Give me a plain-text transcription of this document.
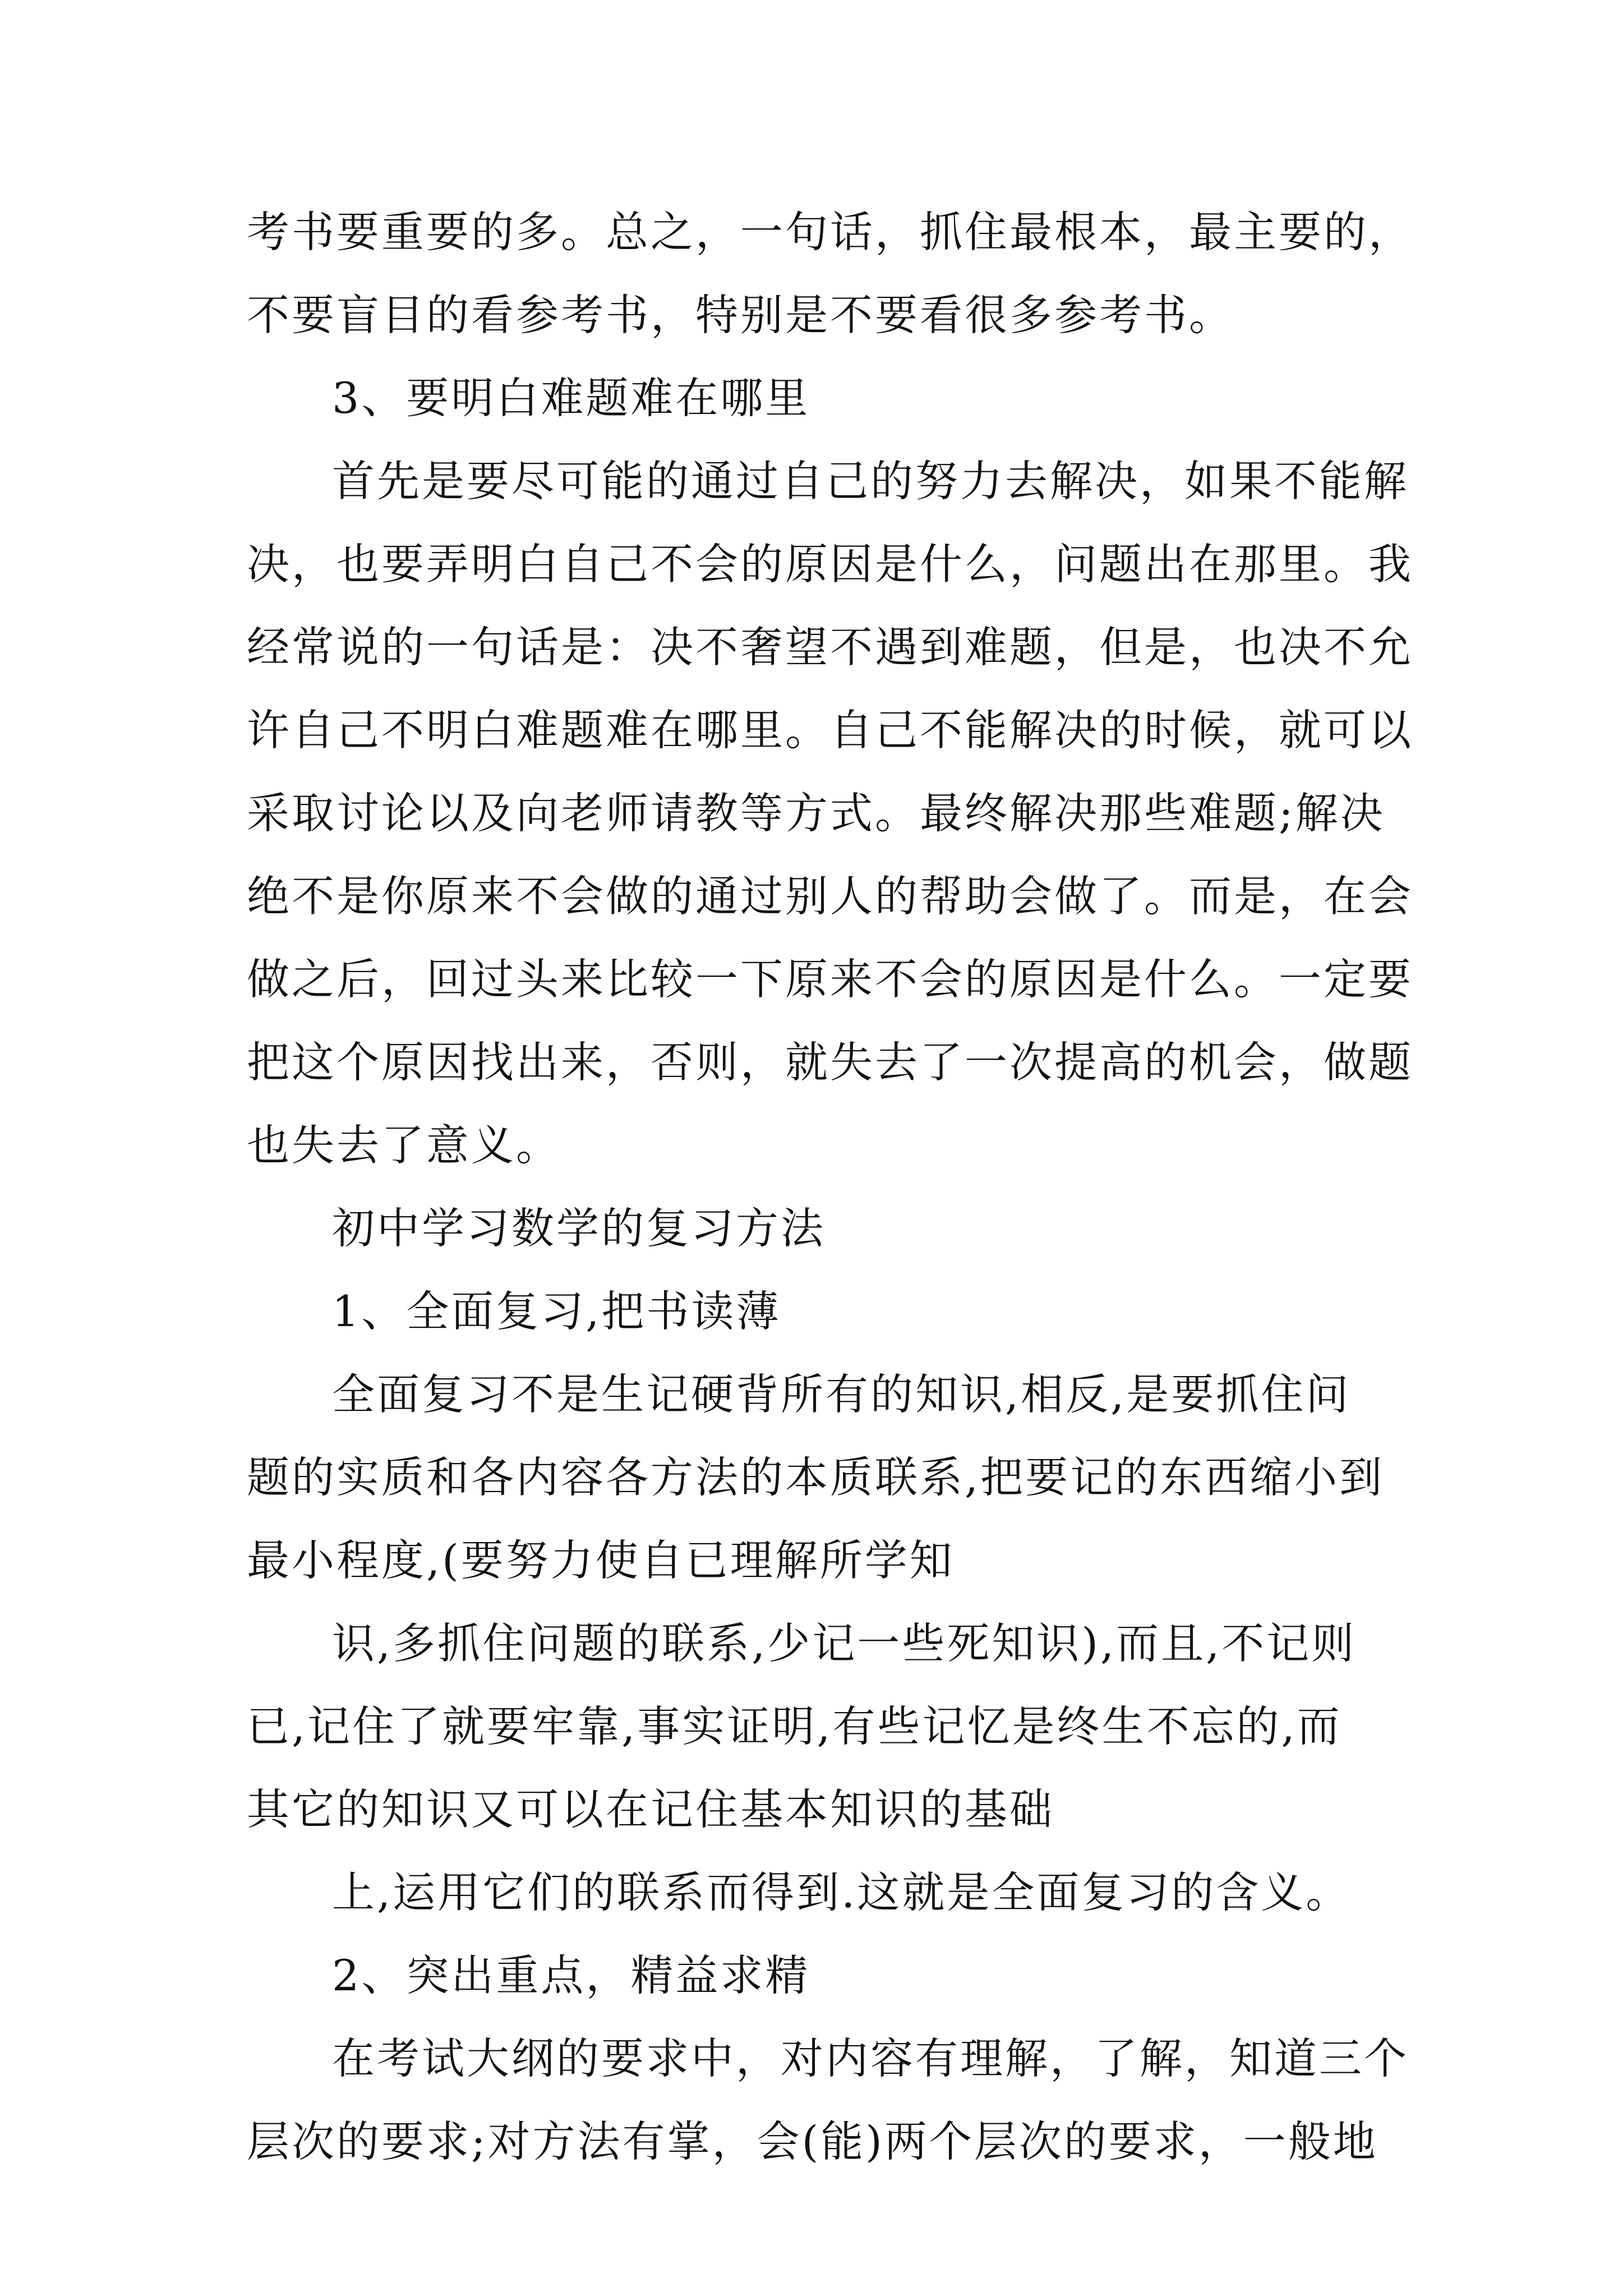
考书要重要的多。总之，一句话，抓住最根本，最主要的，
不要盲目的看参考书，特别是不要看很多参考书。
3、要明白难题难在哪里
首先是要尽可能的通过自己的努力去解决，如果不能解
决，也要弄明白自己不会的原因是什么，问题出在那里。我
经常说的一句话是：决不奢望不遇到难题，但是，也决不允
许自己不明白难题难在哪里。自己不能解决的时候，就可以
采取讨论以及向老师请教等方式。最终解决那些难题;解决
绝不是你原来不会做的通过别人的帮助会做了。而是，在会
做之后，回过头来比较一下原来不会的原因是什么。一定要
把这个原因找出来，否则，就失去了一次提高的机会，做题
也失去了意义。
初中学习数学的复习方法
1、全面复习,把书读薄
全面复习不是生记硬背所有的知识,相反,是要抓住问
题的实质和各内容各方法的本质联系,把要记的东西缩小到
最小程度,(要努力使自已理解所学知
识,多抓住问题的联系,少记一些死知识),而且,不记则
已,记住了就要牢靠,事实证明,有些记忆是终生不忘的,而
其它的知识又可以在记住基本知识的基础
上,运用它们的联系而得到.这就是全面复习的含义。
2、突出重点，精益求精
在考试大纲的要求中，对内容有理解，了解，知道三个
层次的要求;对方法有掌，会(能)两个层次的要求，一般地
